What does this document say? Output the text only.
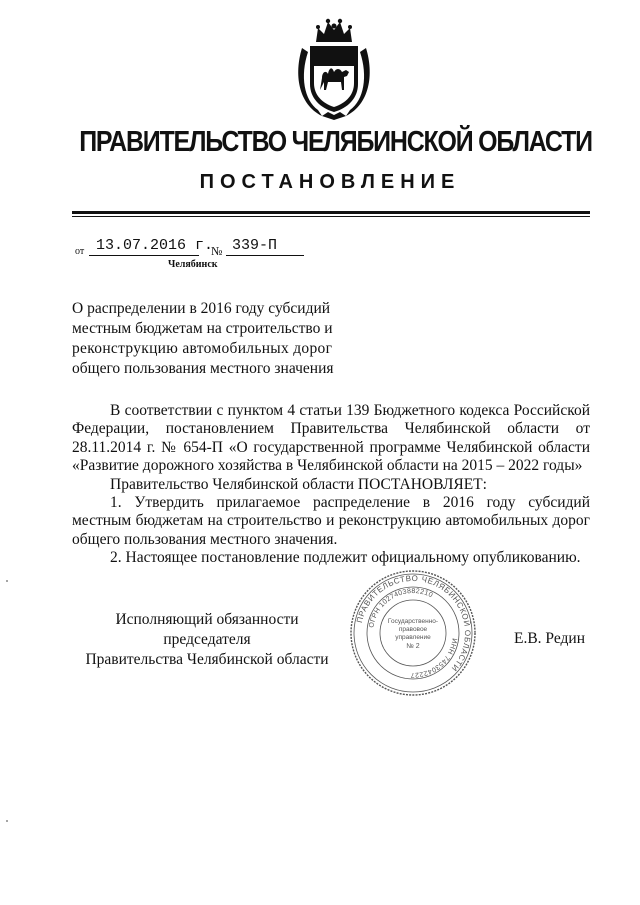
ПРАВИТЕЛЬСТВО ЧЕЛЯБИНСКОЙ ОБЛАСТИ
ПОСТАНОВЛЕНИЕ
от 13.07.2016 г.
№ 339-П
Челябинск
О распределении в 2016 году субсидий
местным бюджетам на строительство и
реконструкцию автомобильных дорог
общего пользования местного значения
В соответствии с пунктом 4 статьи 139 Бюджетного кодекса Российской
Федерации, постановлением Правительства Челябинской области от
28.11.2014 г. № 654-П «О государственной программе Челябинской области
«Развитие дорожного хозяйства в Челябинской области на 2015 – 2022 годы»
Правительство Челябинской области ПОСТАНОВЛЯЕТ:
1. Утвердить прилагаемое распределение в 2016 году субсидий
местным бюджетам на строительство и реконструкцию автомобильных дорог
общего пользования местного значения.
2. Настоящее постановление подлежит официальному опубликованию.
Исполняющий обязанности председателя
Правительства Челябинской области
Е.В. Редин
ПРАВИТЕЛЬСТВО ЧЕЛЯБИНСКОЙ ОБЛАСТИ
ОГРН 1027403882210
ИНН 7453042227
Государственно-
правовое
управление
№ 2
